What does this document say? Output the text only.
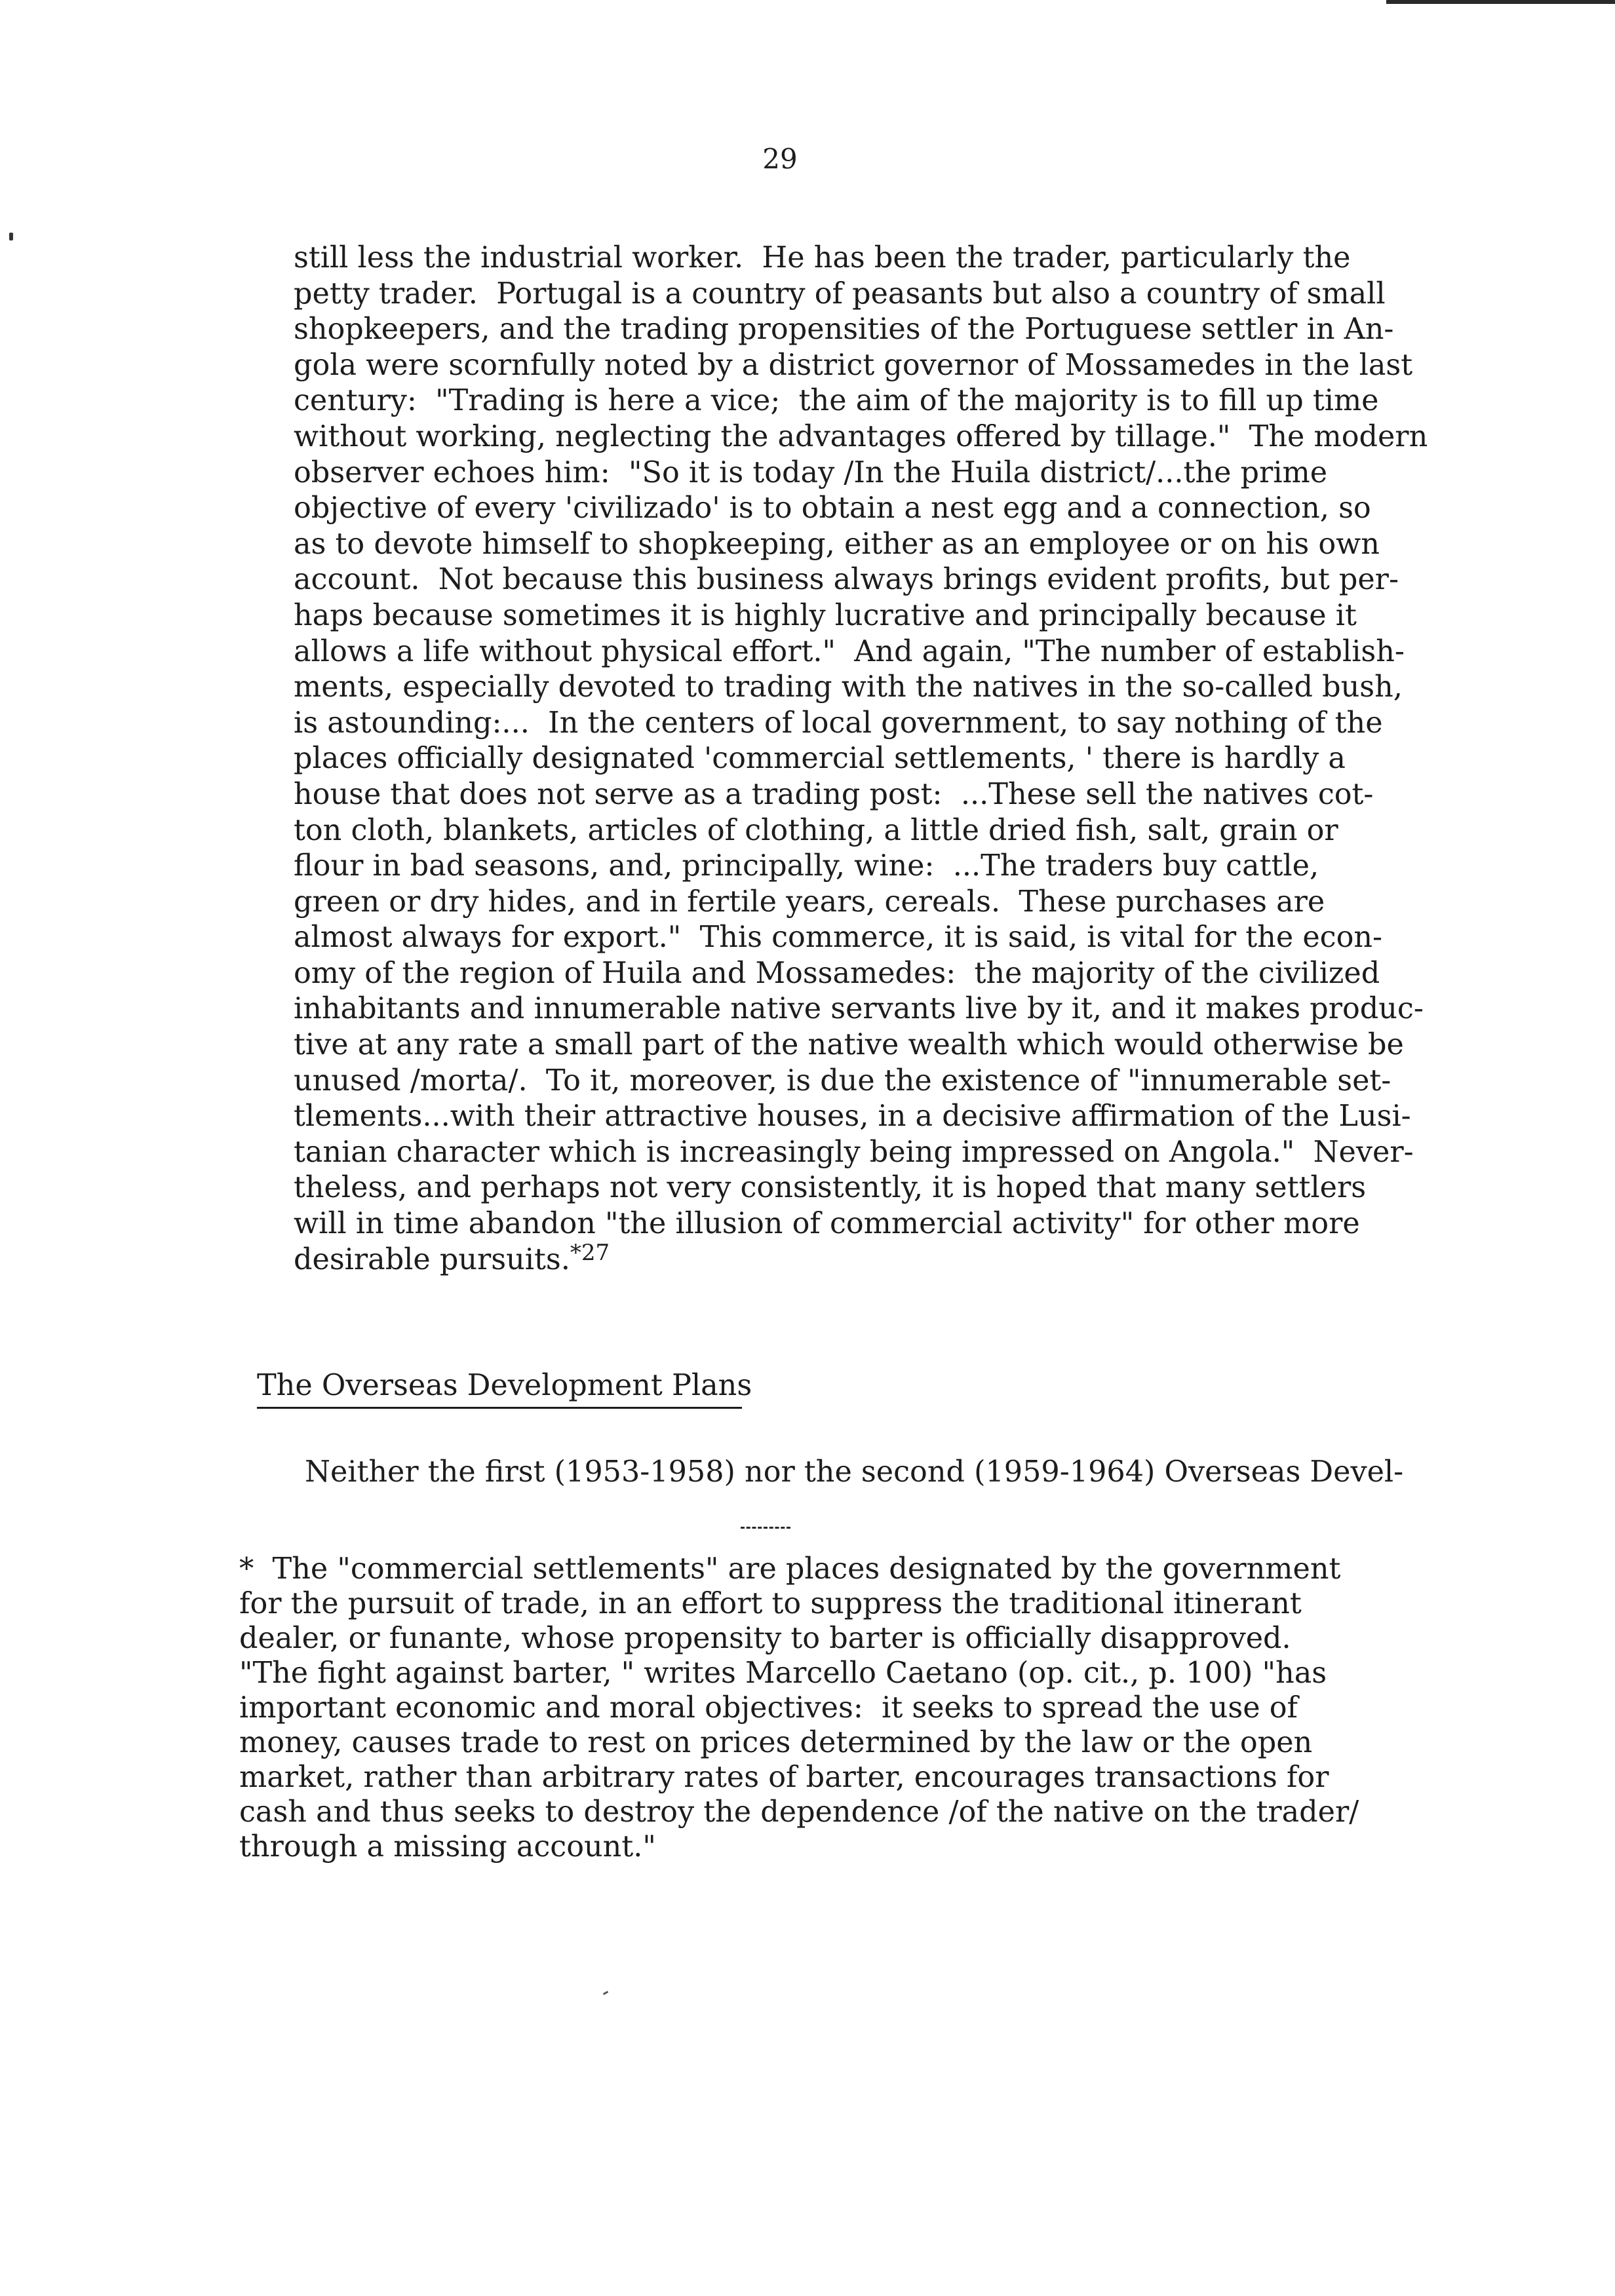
29
still less the industrial worker.  He has been the trader, particularly the
petty trader.  Portugal is a country of peasants but also a country of small
shopkeepers, and the trading propensities of the Portuguese settler in An-
gola were scornfully noted by a district governor of Mossamedes in the last
century:  "Trading is here a vice;  the aim of the majority is to fill up time
without working, neglecting the advantages offered by tillage."  The modern
observer echoes him:  "So it is today /In the Huila district/...the prime
objective of every 'civilizado' is to obtain a nest egg and a connection, so
as to devote himself to shopkeeping, either as an employee or on his own
account.  Not because this business always brings evident profits, but per-
haps because sometimes it is highly lucrative and principally because it
allows a life without physical effort."  And again, "The number of establish-
ments, especially devoted to trading with the natives in the so-called bush,
is astounding:...  In the centers of local government, to say nothing of the
places officially designated 'commercial settlements, ' there is hardly a
house that does not serve as a trading post:  ...These sell the natives cot-
ton cloth, blankets, articles of clothing, a little dried fish, salt, grain or
flour in bad seasons, and, principally, wine:  ...The traders buy cattle,
green or dry hides, and in fertile years, cereals.  These purchases are
almost always for export."  This commerce, it is said, is vital for the econ-
omy of the region of Huila and Mossamedes:  the majority of the civilized
inhabitants and innumerable native servants live by it, and it makes produc-
tive at any rate a small part of the native wealth which would otherwise be
unused /morta/.  To it, moreover, is due the existence of "innumerable set-
tlements...with their attractive houses, in a decisive affirmation of the Lusi-
tanian character which is increasingly being impressed on Angola."  Never-
theless, and perhaps not very consistently, it is hoped that many settlers
will in time abandon "the illusion of commercial activity" for other more
desirable pursuits.$^{*27}$
The Overseas Development Plans
Neither the first (1953-1958) nor the second (1959-1964) Overseas Devel-
*  The "commercial settlements" are places designated by the government
for the pursuit of trade, in an effort to suppress the traditional itinerant
dealer, or funante, whose propensity to barter is officially disapproved.
"The fight against barter, " writes Marcello Caetano (op. cit., p. 100) "has
important economic and moral objectives:  it seeks to spread the use of
money, causes trade to rest on prices determined by the law or the open
market, rather than arbitrary rates of barter, encourages transactions for
cash and thus seeks to destroy the dependence /of the native on the trader/
through a missing account."
